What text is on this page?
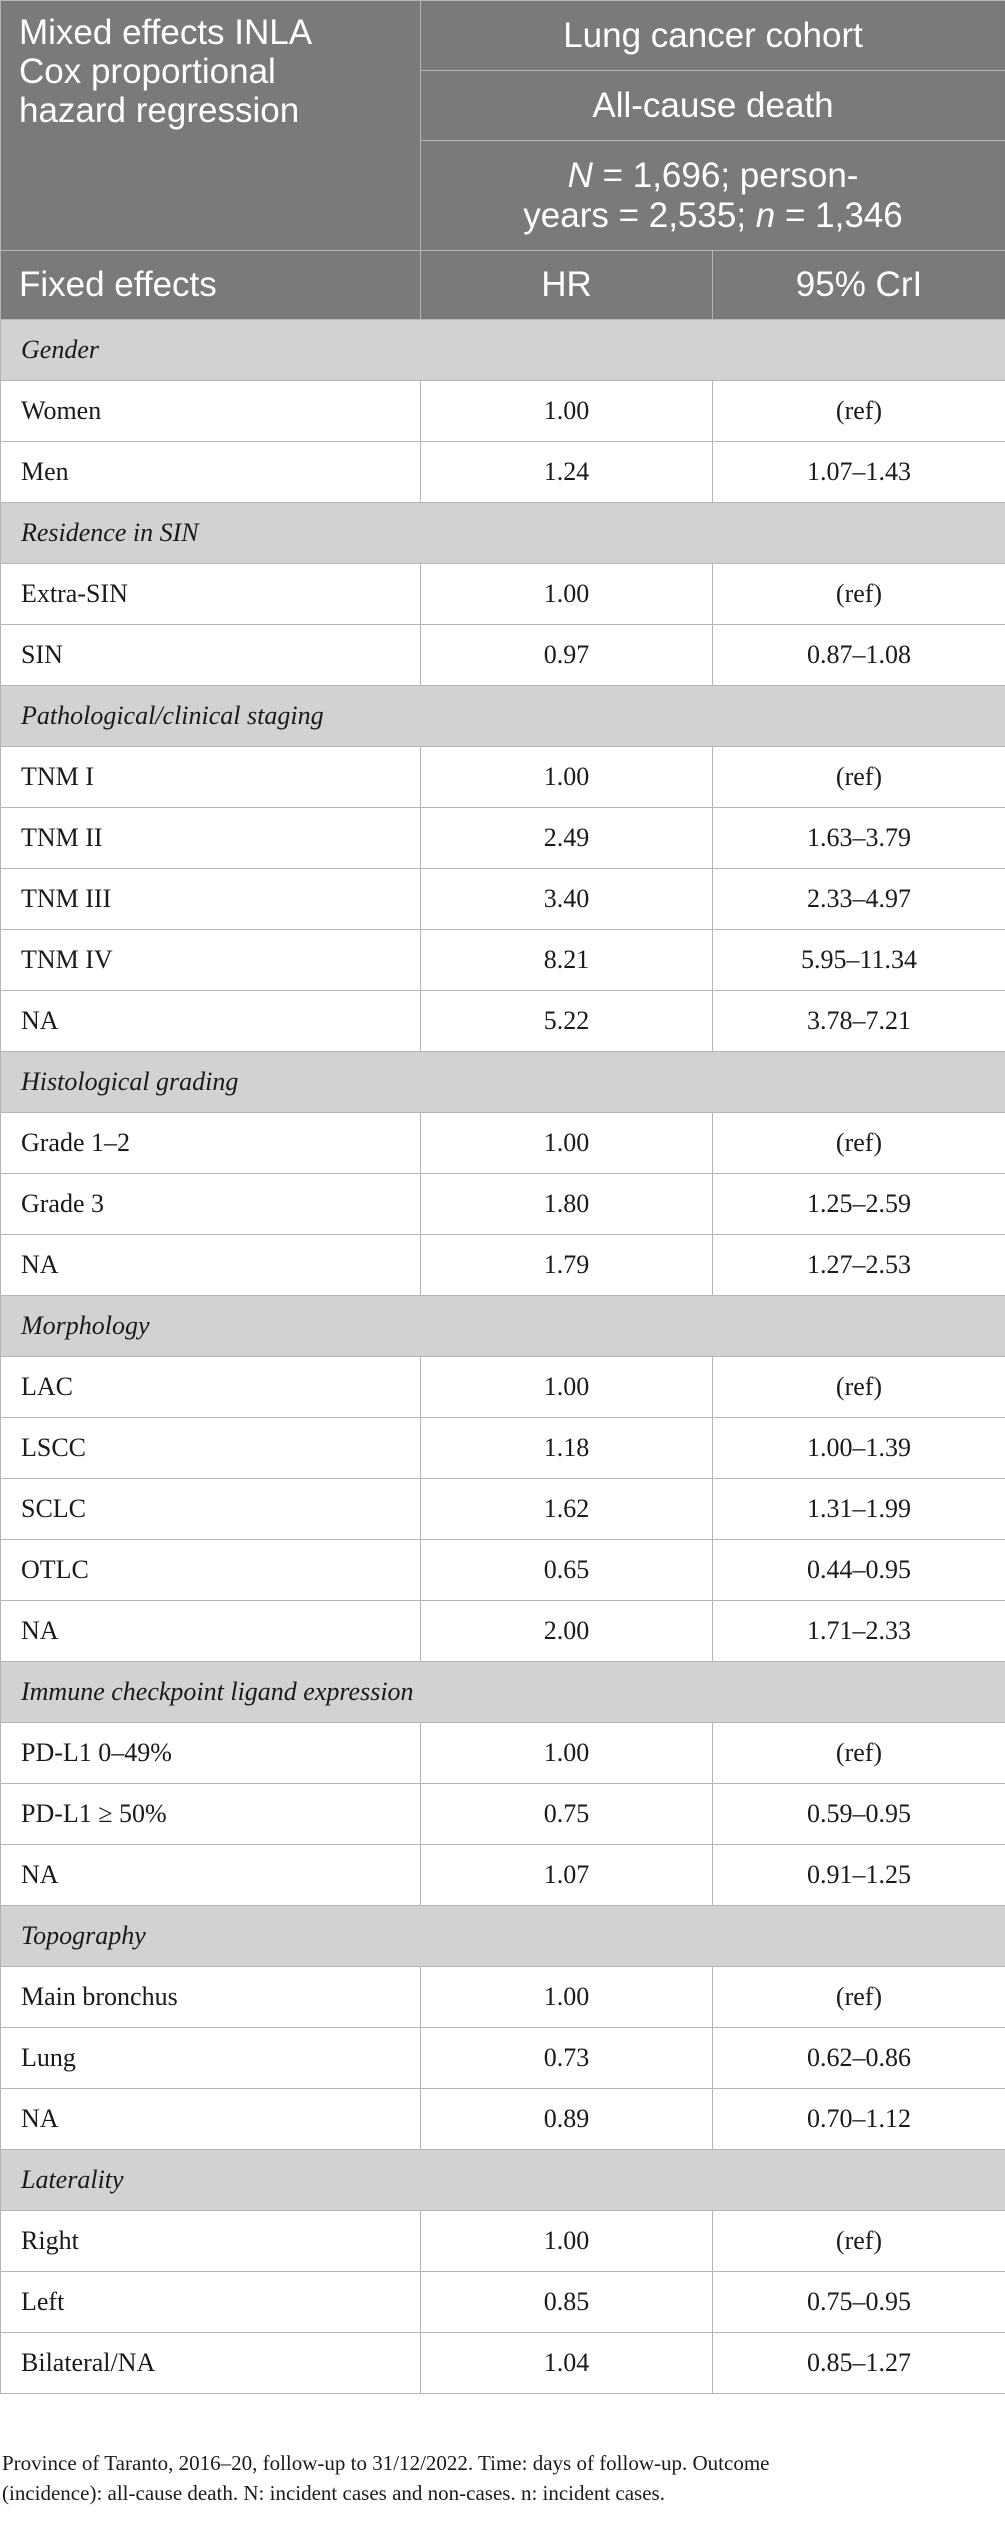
Mixed effects INLA
Cox proportional
hazard regression	Lung cancer cohort	
	All-cause death	

	N = 1,696; person-
years = 2,535; n = 1,346	

Fixed effects	HR	95% CrI
Gender		
Women	1.00	(ref)
Men	1.24	1.07–1.43
Residence in SIN		
Extra-SIN	1.00	(ref)
SIN	0.97	0.87–1.08
Pathological/clinical staging		
TNM I	1.00	(ref)
TNM II	2.49	1.63–3.79
TNM III	3.40	2.33–4.97
TNM IV	8.21	5.95–11.34
NA	5.22	3.78–7.21
Histological grading		
Grade 1–2	1.00	(ref)
Grade 3	1.80	1.25–2.59
NA	1.79	1.27–2.53
Morphology		
LAC	1.00	(ref)
LSCC	1.18	1.00–1.39
SCLC	1.62	1.31–1.99
OTLC	0.65	0.44–0.95
NA	2.00	1.71–2.33
Immune checkpoint ligand expression		
PD-L1 0–49%	1.00	(ref)
PD-L1 ≥ 50%	0.75	0.59–0.95
NA	1.07	0.91–1.25
Topography		
Main bronchus	1.00	(ref)
Lung	0.73	0.62–0.86
NA	0.89	0.70–1.12
Laterality		
Right	1.00	(ref)
Left	0.85	0.75–0.95
Bilateral/NA	1.04	0.85–1.27

Province of Taranto, 2016–20, follow-up to 31/12/2022. Time: days of follow-up. Outcome

(incidence): all-cause death. N: incident cases and non-cases. n: incident cases.
